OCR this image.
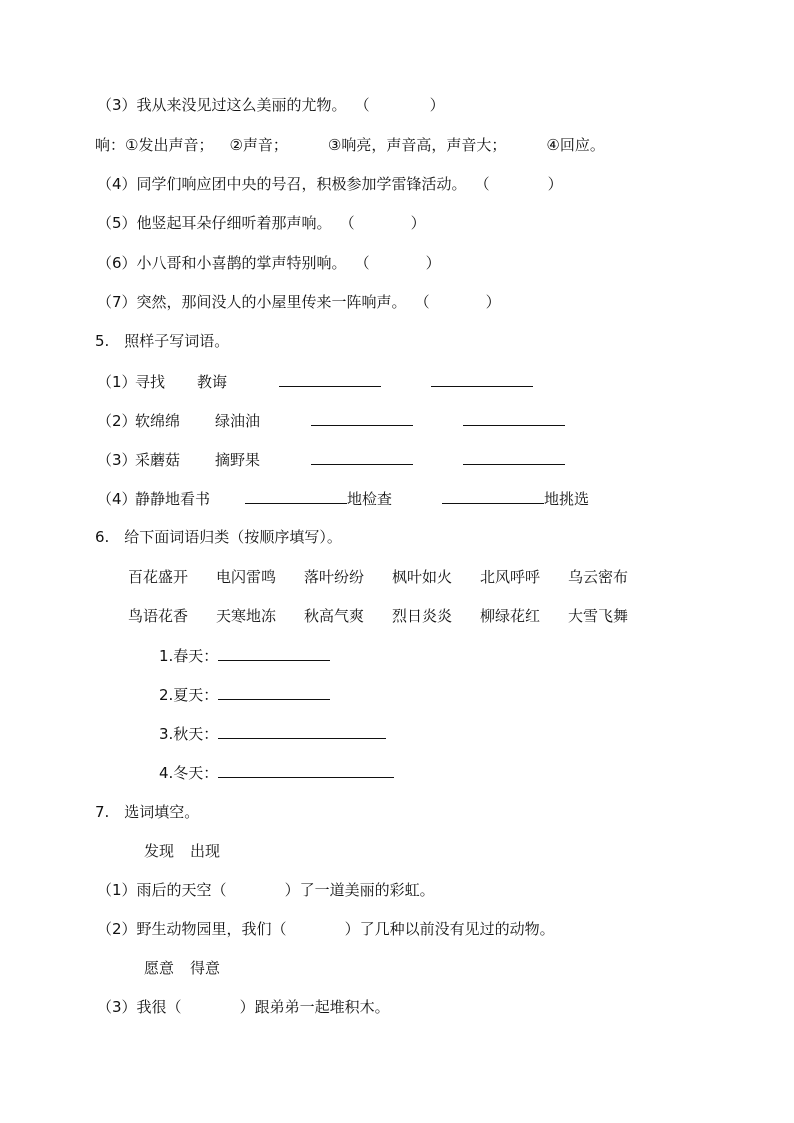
（3）我从来没见过这么美丽的尤物。 （	）
响：①发出声音； ②声音；	③响亮，声音高，声音大；	④回应。
（4）同学们响应团中央的号召，积极参加学雷锋活动。 （	）
（5）他竖起耳朵仔细听着那声响。 （	）
（6）小八哥和小喜鹊的掌声特别响。 （	）
（7）突然，那间没人的小屋里传来一阵响声。 （	）
5.　照样子写词语。
（1）寻找 教诲
（2）软绵绵 绿油油
（3）采蘑菇 摘野果
（4）静静地看书	地检查	地挑选
6.　给下面词语归类（按顺序填写）。
百花盛开 电闪雷鸣 落叶纷纷 枫叶如火 北风呼呼 乌云密布
鸟语花香 天寒地冻 秋高气爽 烈日炎炎 柳绿花红 大雪飞舞
1.春天：
2.夏天：
3.秋天：
4.冬天：
7.　选词填空。
发现 出现
（1）雨后的天空（	）了一道美丽的彩虹。
（2）野生动物园里，我们（	）了几种以前没有见过的动物。
愿意 得意
（3）我很（	）跟弟弟一起堆积木。
